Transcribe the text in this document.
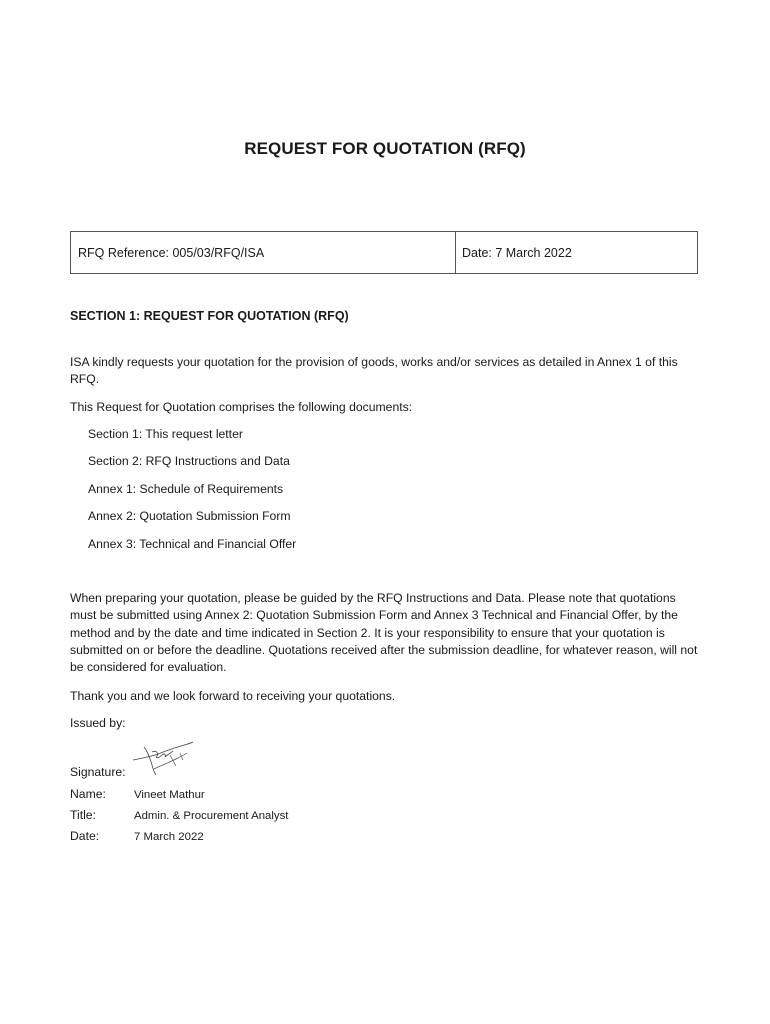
REQUEST FOR QUOTATION (RFQ)
RFQ Reference: 005/03/RFQ/ISA	Date: 7 March 2022
SECTION 1: REQUEST FOR QUOTATION (RFQ)
ISA kindly requests your quotation for the provision of goods, works and/or services as detailed in Annex 1 of this RFQ.
This Request for Quotation comprises the following documents:
Section 1: This request letter
Section 2: RFQ Instructions and Data
Annex 1: Schedule of Requirements
Annex 2: Quotation Submission Form
Annex 3: Technical and Financial Offer
When preparing your quotation, please be guided by the RFQ Instructions and Data. Please note that quotations must be submitted using Annex 2: Quotation Submission Form and Annex 3 Technical and Financial Offer, by the method and by the date and time indicated in Section 2. It is your responsibility to ensure that your quotation is submitted on or before the deadline. Quotations received after the submission deadline, for whatever reason, will not be considered for evaluation.
Thank you and we look forward to receiving your quotations.
Issued by:
Signature:
Name: Vineet Mathur
Title:	Admin. & Procurement Analyst
Date:	7 March 2022
